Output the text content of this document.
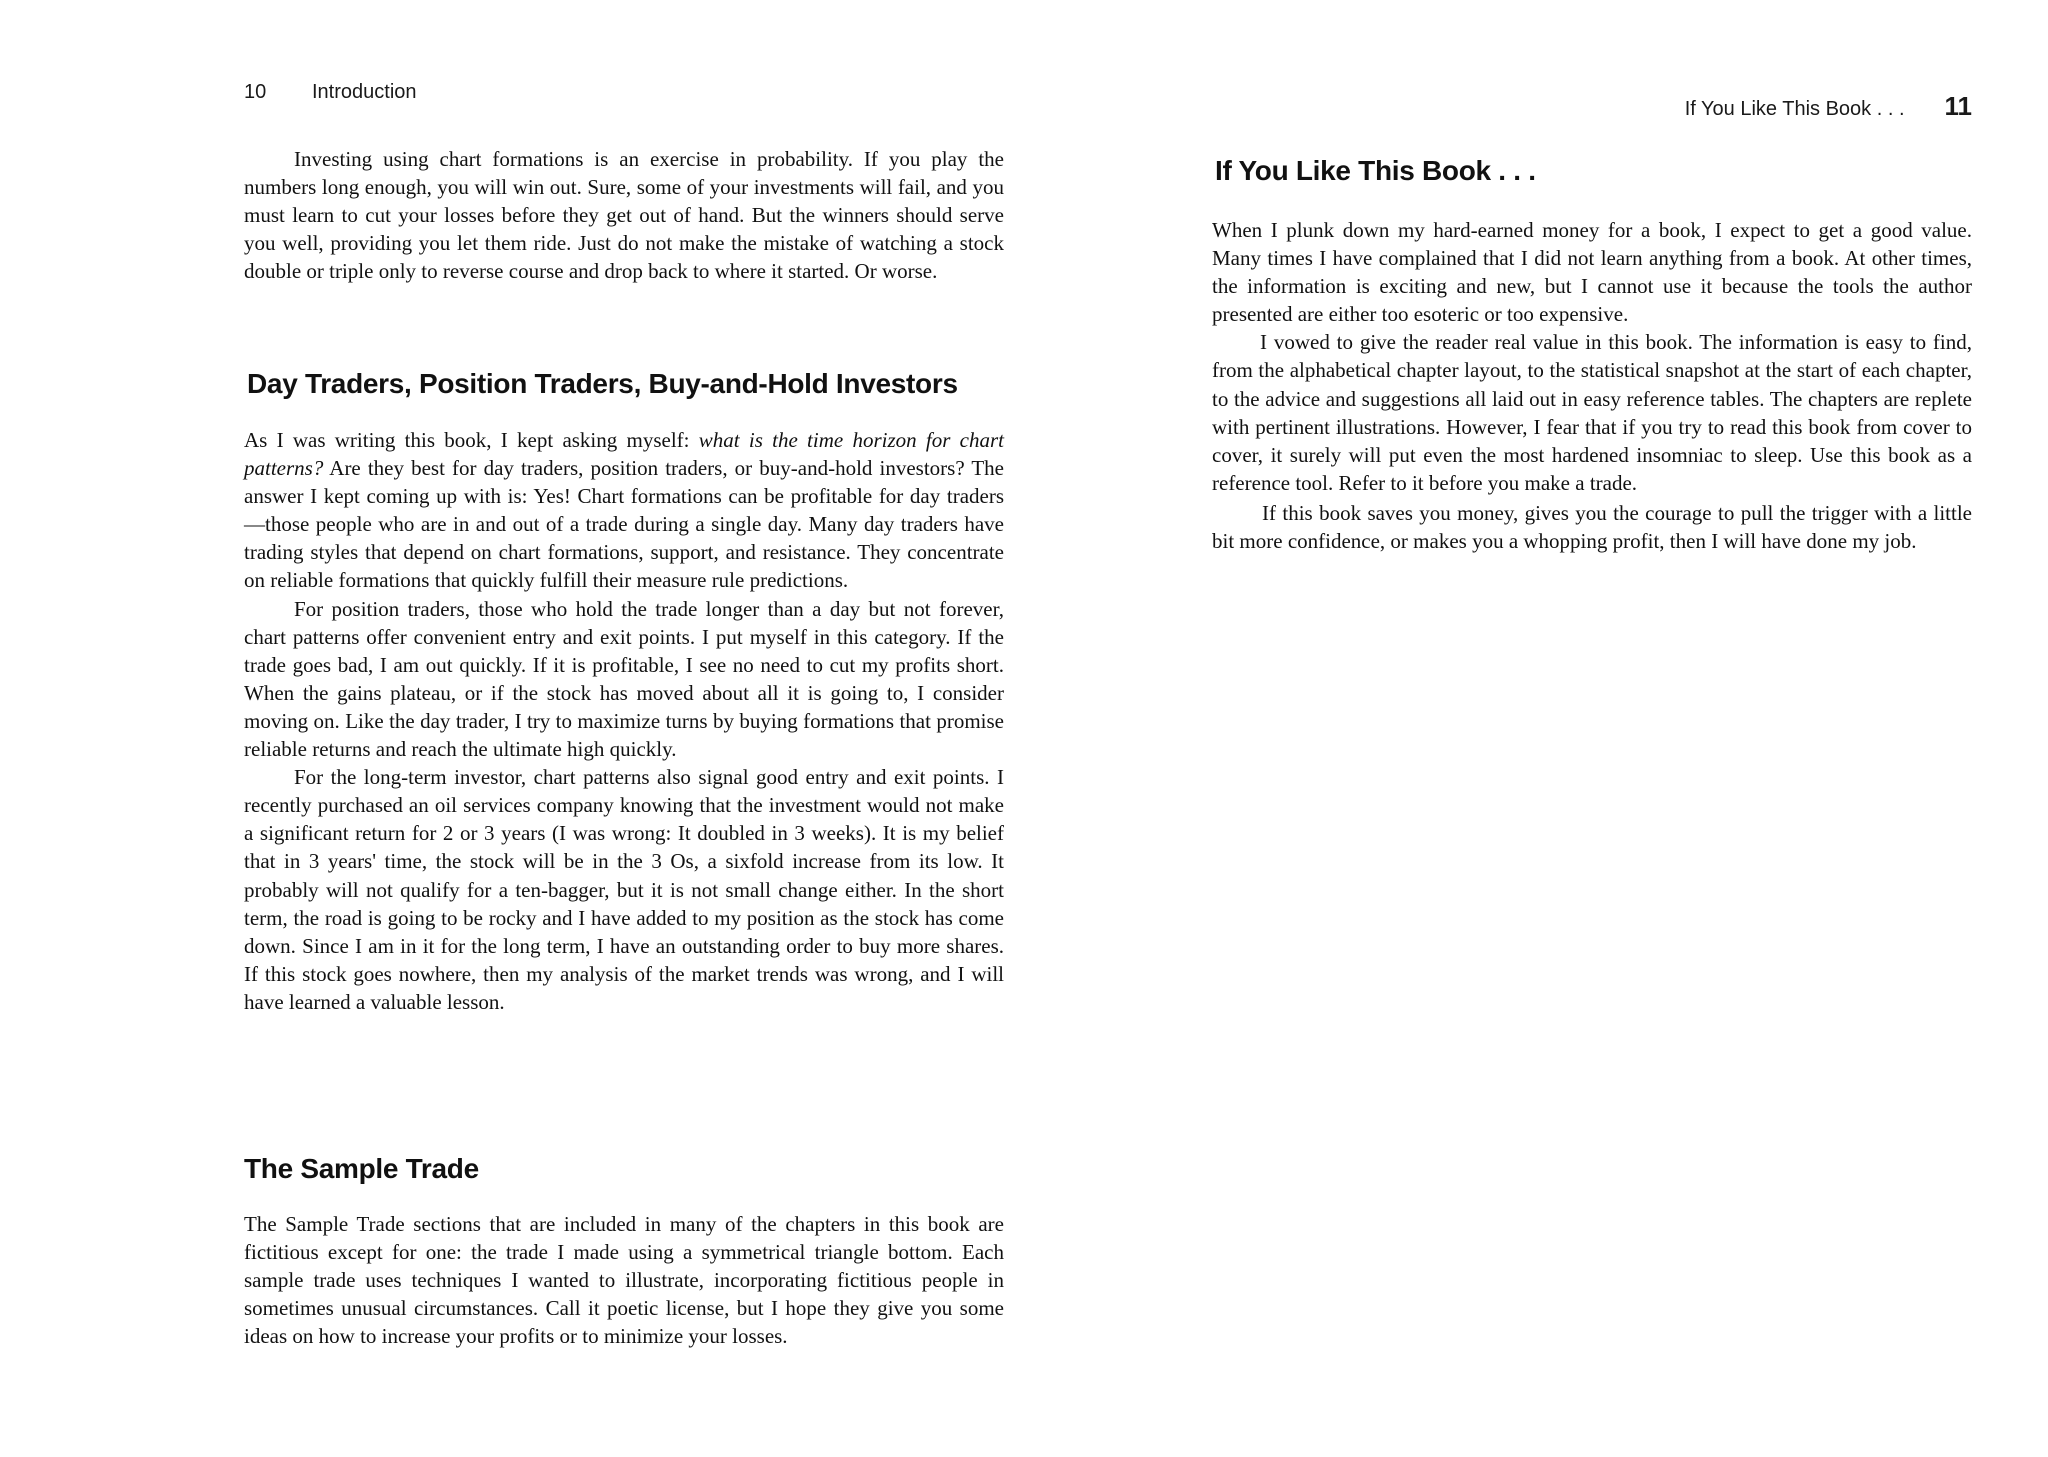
10 Introduction

Investing using chart formations is an exercise in probability. If you play the numbers long enough, you will win out. Sure, some of your investments will fail, and you must learn to cut your losses before they get out of hand. But the winners should serve you well, providing you let them ride. Just do not make the mistake of watching a stock double or triple only to reverse course and drop back to where it started. Or worse.

Day Traders, Position Traders, Buy-and-Hold Investors

As I was writing this book, I kept asking myself: what is the time horizon for chart patterns? Are they best for day traders, position traders, or buy-and-hold investors? The answer I kept coming up with is: Yes! Chart formations can be profitable for day traders—those people who are in and out of a trade during a single day. Many day traders have trading styles that depend on chart formations, support, and resistance. They concentrate on reliable formations that quickly fulfill their measure rule predictions.

For position traders, those who hold the trade longer than a day but not forever, chart patterns offer convenient entry and exit points. I put myself in this category. If the trade goes bad, I am out quickly. If it is profitable, I see no need to cut my profits short. When the gains plateau, or if the stock has moved about all it is going to, I consider moving on. Like the day trader, I try to maximize turns by buying formations that promise reliable returns and reach the ultimate high quickly.

For the long-term investor, chart patterns also signal good entry and exit points. I recently purchased an oil services company knowing that the investment would not make a significant return for 2 or 3 years (I was wrong: It doubled in 3 weeks). It is my belief that in 3 years' time, the stock will be in the 3 Os, a sixfold increase from its low. It probably will not qualify for a ten-bagger, but it is not small change either. In the short term, the road is going to be rocky and I have added to my position as the stock has come down. Since I am in it for the long term, I have an outstanding order to buy more shares. If this stock goes nowhere, then my analysis of the market trends was wrong, and I will have learned a valuable lesson.

The Sample Trade

The Sample Trade sections that are included in many of the chapters in this book are fictitious except for one: the trade I made using a symmetrical triangle bottom. Each sample trade uses techniques I wanted to illustrate, incorporating fictitious people in sometimes unusual circumstances. Call it poetic license, but I hope they give you some ideas on how to increase your profits or to minimize your losses.

If You Like This Book . . . 11
If You Like This Book . . .

When I plunk down my hard-earned money for a book, I expect to get a good value. Many times I have complained that I did not learn anything from a book. At other times, the information is exciting and new, but I cannot use it because the tools the author presented are either too esoteric or too expensive.

I vowed to give the reader real value in this book. The information is easy to find, from the alphabetical chapter layout, to the statistical snapshot at the start of each chapter, to the advice and suggestions all laid out in easy reference tables. The chapters are replete with pertinent illustrations. However, I fear that if you try to read this book from cover to cover, it surely will put even the most hardened insomniac to sleep. Use this book as a reference tool. Refer to it before you make a trade.

If this book saves you money, gives you the courage to pull the trigger with a little bit more confidence, or makes you a whopping profit, then I will have done my job.
